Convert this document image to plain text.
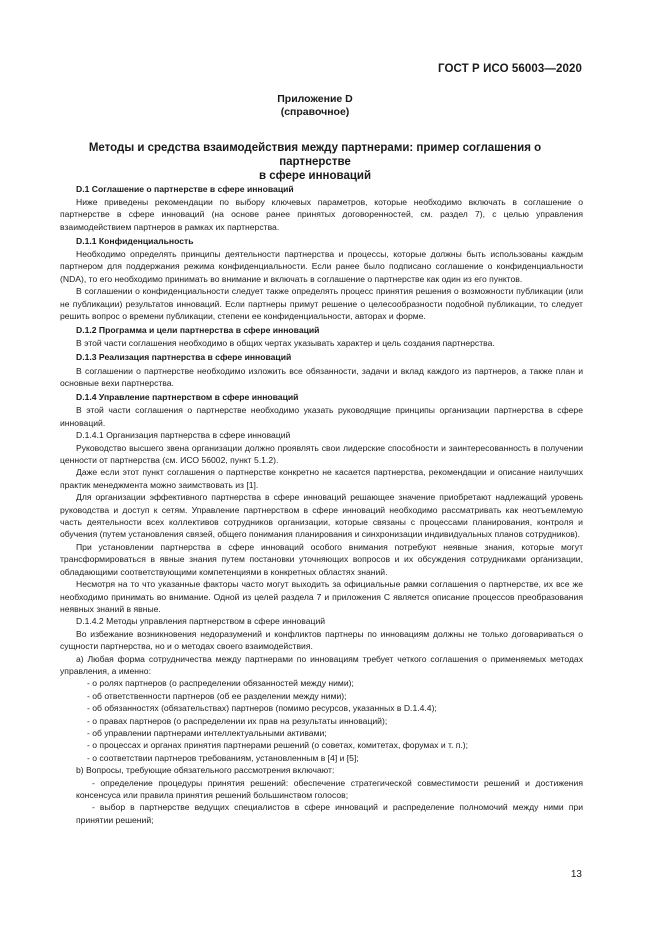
ГОСТ Р ИСО 56003—2020
Приложение D
(справочное)
Методы и средства взаимодействия между партнерами: пример соглашения о партнерстве
в сфере инноваций

D.1 Соглашение о партнерстве в сфере инноваций

Ниже приведены рекомендации по выбору ключевых параметров, которые необходимо включать в соглашение о партнерстве в сфере инноваций (на основе ранее принятых договоренностей, см. раздел 7), с целью управления взаимодействием партнеров в рамках их партнерства.

D.1.1 Конфиденциальность

Необходимо определять принципы деятельности партнерства и процессы, которые должны быть использованы каждым партнером для поддержания режима конфиденциальности. Если ранее было подписано соглашение о конфиденциальности (NDA), то его необходимо принимать во внимание и включать в соглашение о партнерстве как один из его пунктов.

В соглашении о конфиденциальности следует также определять процесс принятия решения о возможности публикации (или не публикации) результатов инноваций. Если партнеры примут решение о целесообразности подобной публикации, то следует решить вопрос о времени публикации, степени ее конфиденциальности, авторах и форме.

D.1.2 Программа и цели партнерства в сфере инноваций

В этой части соглашения необходимо в общих чертах указывать характер и цель создания партнерства.

D.1.3 Реализация партнерства в сфере инноваций

В соглашении о партнерстве необходимо изложить все обязанности, задачи и вклад каждого из партнеров, а также план и основные вехи партнерства.

D.1.4 Управление партнерством в сфере инноваций

В этой части соглашения о партнерстве необходимо указать руководящие принципы организации партнерства в сфере инноваций.

D.1.4.1 Организация партнерства в сфере инноваций

Руководство высшего звена организации должно проявлять свои лидерские способности и заинтересованность в получении ценности от партнерства (см. ИСО 56002, пункт 5.1.2).

Даже если этот пункт соглашения о партнерстве конкретно не касается партнерства, рекомендации и описание наилучших практик менеджмента можно заимствовать из [1].

Для организации эффективного партнерства в сфере инноваций решающее значение приобретают надлежащий уровень руководства и доступ к сетям. Управление партнерством в сфере инноваций необходимо рассматривать как неотъемлемую часть деятельности всех коллективов сотрудников организации, которые связаны с процессами планирования, контроля и обучения (путем установления связей, общего понимания планирования и синхронизации индивидуальных планов сотрудников).

При установлении партнерства в сфере инноваций особого внимания потребуют неявные знания, которые могут трансформироваться в явные знания путем постановки уточняющих вопросов и их обсуждения сотрудниками организации, обладающими соответствующими компетенциями в конкретных областях знаний.

Несмотря на то что указанные факторы часто могут выходить за официальные рамки соглашения о партнерстве, их все же необходимо принимать во внимание. Одной из целей раздела 7 и приложения С является описание процессов преобразования неявных знаний в явные.

D.1.4.2 Методы управления партнерством в сфере инноваций

Во избежание возникновения недоразумений и конфликтов партнеры по инновациям должны не только договариваться о сущности партнерства, но и о методах своего взаимодействия.

а) Любая форма сотрудничества между партнерами по инновациям требует четкого соглашения о применяемых методах управления, а именно:

- о ролях партнеров (о распределении обязанностей между ними);

- об ответственности партнеров (об ее разделении между ними);

- об обязанностях (обязательствах) партнеров (помимо ресурсов, указанных в D.1.4.4);

- о правах партнеров (о распределении их прав на результаты инноваций);

- об управлении партнерами интеллектуальными активами;

- о процессах и органах принятия партнерами решений (о советах, комитетах, форумах и т. п.);

- о соответствии партнеров требованиям, установленным в [4] и [5];

b) Вопросы, требующие обязательного рассмотрения включают:

- определение процедуры принятия решений: обеспечение стратегической совместимости решений и достижения консенсуса или правила принятия решений большинством голосов;

- выбор в партнерстве ведущих специалистов в сфере инноваций и распределение полномочий между ними при принятии решений;

13
